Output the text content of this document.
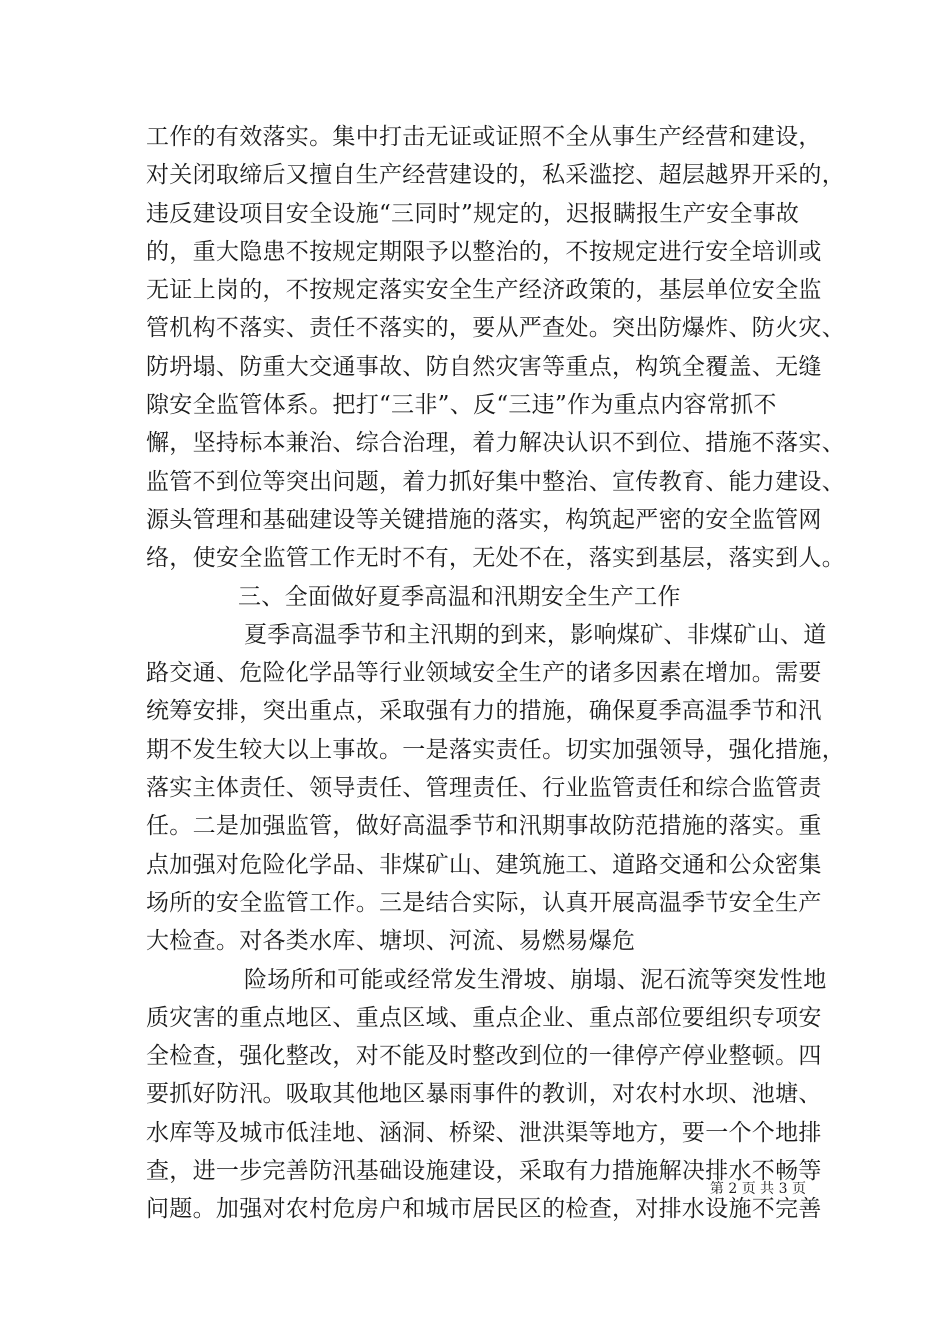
工作的有效落实。集中打击无证或证照不全从事生产经营和建设，
对关闭取缔后又擅自生产经营建设的，私采滥挖、超层越界开采的，
违反建设项目安全设施“三同时”规定的，迟报瞒报生产安全事故
的，重大隐患不按规定期限予以整治的，不按规定进行安全培训或
无证上岗的，不按规定落实安全生产经济政策的，基层单位安全监
管机构不落实、责任不落实的，要从严查处。突出防爆炸、防火灾、
防坍塌、防重大交通事故、防自然灾害等重点，构筑全覆盖、无缝
隙安全监管体系。把打“三非”、反“三违”作为重点内容常抓不
懈，坚持标本兼治、综合治理，着力解决认识不到位、措施不落实、
监管不到位等突出问题，着力抓好集中整治、宣传教育、能力建设、
源头管理和基础建设等关键措施的落实，构筑起严密的安全监管网
络，使安全监管工作无时不有，无处不在，落实到基层，落实到人。
三、全面做好夏季高温和汛期安全生产工作
夏季高温季节和主汛期的到来，影响煤矿、非煤矿山、道
路交通、危险化学品等行业领域安全生产的诸多因素在增加。需要
统筹安排，突出重点，采取强有力的措施，确保夏季高温季节和汛
期不发生较大以上事故。一是落实责任。切实加强领导，强化措施，
落实主体责任、领导责任、管理责任、行业监管责任和综合监管责
任。二是加强监管，做好高温季节和汛期事故防范措施的落实。重
点加强对危险化学品、非煤矿山、建筑施工、道路交通和公众密集
场所的安全监管工作。三是结合实际，认真开展高温季节安全生产
大检查。对各类水库、塘坝、河流、易燃易爆危
险场所和可能或经常发生滑坡、崩塌、泥石流等突发性地
质灾害的重点地区、重点区域、重点企业、重点部位要组织专项安
全检查，强化整改，对不能及时整改到位的一律停产停业整顿。四
要抓好防汛。吸取其他地区暴雨事件的教训，对农村水坝、池塘、
水库等及城市低洼地、涵洞、桥梁、泄洪渠等地方，要一个个地排
查，进一步完善防汛基础设施建设，采取有力措施解决排水不畅等
问题。加强对农村危房户和城市居民区的检查，对排水设施不完善
第 2 页 共 3 页
